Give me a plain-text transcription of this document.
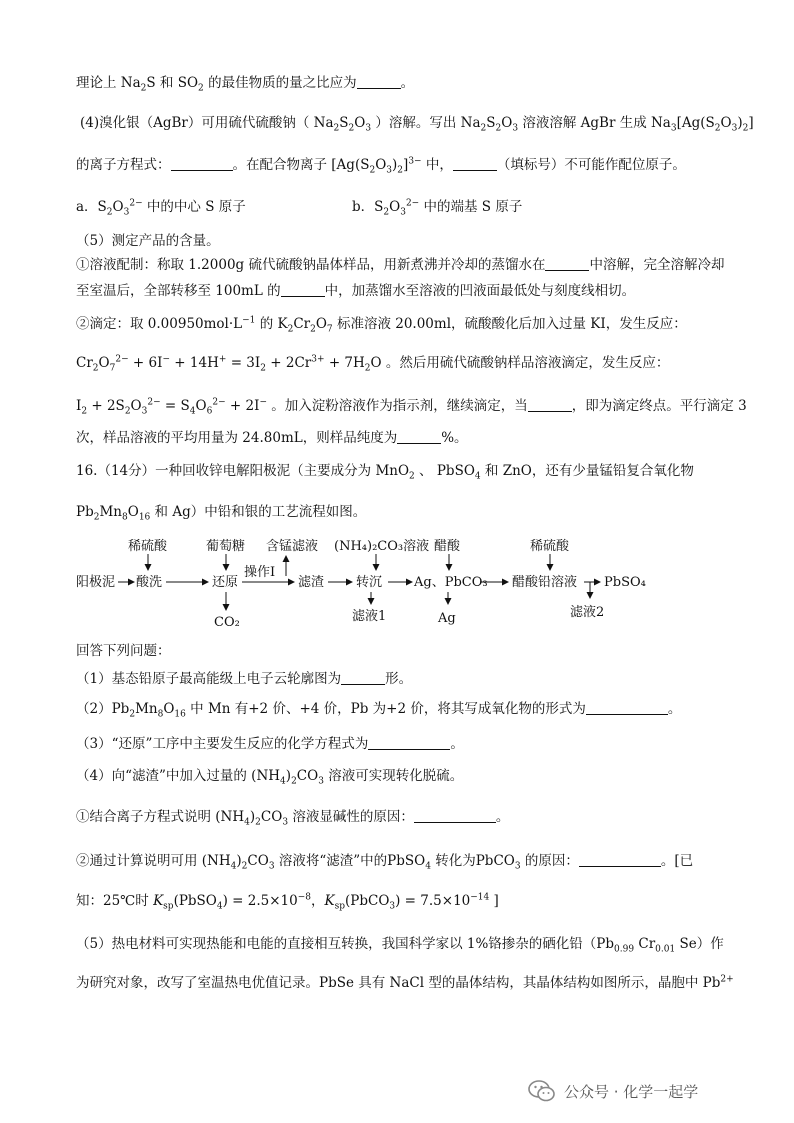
理论上 $Na_2S$ 和 $SO_2$ 的最佳物质的量之比应为	。
(4)溴化银（AgBr）可用硫代硫酸钠（ $Na_2S_2O_3$ ）溶解。写出 $Na_2S_2O_3$ 溶液溶解 AgBr 生成 $Na_3[Ag(S_2O_3)_2]$
的离子方程式：	。在配合物离子 $[Ag(S_2O_3)_2]^{3-}$ 中，	（填标号）不可能作配位原子。
a．$S_2O_3^{2-}$ 中的中心 S 原子	b．$S_2O_3^{2-}$ 中的端基 S 原子
（5）测定产品的含量。
①溶液配制：称取 1.2000g 硫代硫酸钠晶体样品，用新煮沸并冷却的蒸馏水在	中溶解，完全溶解冷却
至室温后，全部转移至 100mL 的	中，加蒸馏水至溶液的凹液面最低处与刻度线相切。
②滴定：取 $0.00950mol\cdot L^{-1}$ 的 $K_2Cr_2O_7$ 标准溶液 20.00ml，硫酸酸化后加入过量 KI，发生反应：
$Cr_2O_7^{2-} + 6I^- + 14H^+ = 3I_2 + 2Cr^{3+} + 7H_2O$ 。然后用硫代硫酸钠样品溶液滴定，发生反应：
$I_2 + 2S_2O_3^{2-} = S_4O_6^{2-} + 2I^-$ 。加入淀粉溶液作为指示剂，继续滴定，当	，即为滴定终点。平行滴定 3
次，样品溶液的平均用量为 24.80mL，则样品纯度为	%。
16.（14分）一种回收锌电解阳极泥（主要成分为 MnO$_2$ 、 PbSO$_4$ 和 ZnO，还有少量锰铅复合氧化物
$Pb_2Mn_8O_{16}$ 和 Ag）中铅和银的工艺流程如图。
稀硫酸	葡萄糖 含锰滤液 (NH₄)₂CO₃溶液 醋酸	稀硫酸
阳极泥 酸洗	还原
操作Ⅰ
滤渣 转沉 Ag、PbCO₃ 醋酸铅溶液 PbSO₄
CO₂	滤液1	Ag	滤液2
回答下列问题：
（1）基态铅原子最高能级上电子云轮廓图为	形。
$(2)Pb_2Mn_8O_{16}$ 中 Mn 有+2 价、+4 价，Pb 为+2 价，将其写成氧化物的形式为	。
（3）“还原”工序中主要发生反应的化学方程式为	。
（4）向“滤渣”中加入过量的 $(NH_4)_2CO_3$ 溶液可实现转化脱硫。
①结合离子方程式说明 $(NH_4)_2CO_3$ 溶液显碱性的原因：	。
②通过计算说明可用 $(NH_4)_2CO_3$ 溶液将“滤渣”中的PbSO$_4$ 转化为PbCO$_3$ 的原因：	。[已
知：25℃时 $K_{sp}(PbSO_4) = 2.5\times 10^{-8}$，$K_{sp}(PbCO_3) = 7.5\times 10^{-14}$ ]
（5）热电材料可实现热能和电能的直接相互转换，我国科学家以 1%铬掺杂的硒化铅（$Pb_{0.99}$ $Cr_{0.01}$ Se）作
为研究对象，改写了室温热电优值记录。PbSe 具有 NaCl 型的晶体结构，其晶体结构如图所示，晶胞中 $Pb^{2+}$
公众号 · 化学一起学
